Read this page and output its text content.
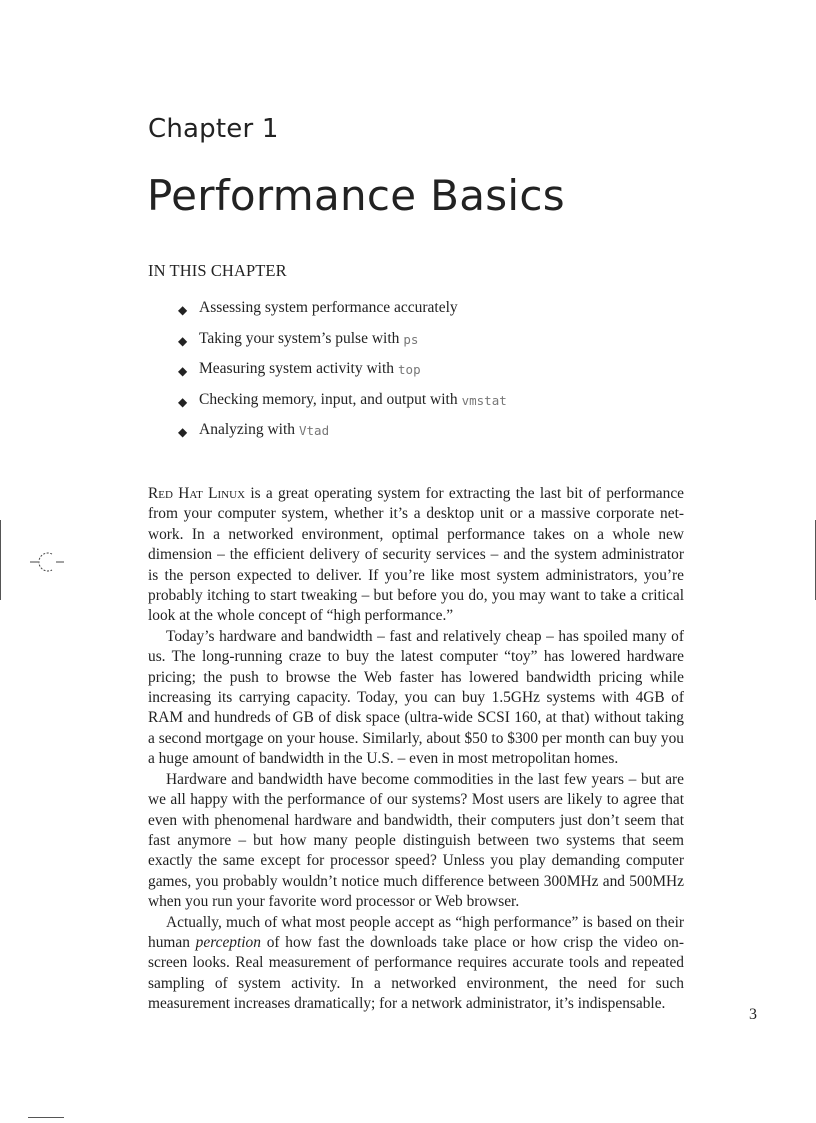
Chapter 1
Performance Basics
IN THIS CHAPTER
◆ Assessing system performance accurately
◆ Taking your system’s pulse with ps
◆ Measuring system activity with top
◆ Checking memory, input, and output with vmstat
◆ Analyzing with Vtad

Red Hat Linux is a great operating system for extracting the last bit of performance from your computer system, whether it’s a desktop unit or a massive corporate network. In a networked environment, optimal performance takes on a whole new dimension – the efficient delivery of security services – and the system administrator is the person expected to deliver. If you’re like most system administrators, you’re probably itching to start tweaking – but before you do, you may want to take a critical look at the whole concept of “high performance.”

Today’s hardware and bandwidth – fast and relatively cheap – has spoiled many of us. The long-running craze to buy the latest computer “toy” has lowered hardware pricing; the push to browse the Web faster has lowered bandwidth pricing while increasing its carrying capacity. Today, you can buy 1.5GHz systems with 4GB of RAM and hundreds of GB of disk space (ultra-wide SCSI 160, at that) without taking a second mortgage on your house. Similarly, about $50 to $300 per month can buy you a huge amount of bandwidth in the U.S. – even in most metropolitan homes.

Hardware and bandwidth have become commodities in the last few years – but are we all happy with the performance of our systems? Most users are likely to agree that even with phenomenal hardware and bandwidth, their computers just don’t seem that fast anymore – but how many people distinguish between two systems that seem exactly the same except for processor speed? Unless you play demanding computer games, you probably wouldn’t notice much difference between 300MHz and 500MHz when you run your favorite word processor or Web browser.

Actually, much of what most people accept as “high performance” is based on their human perception of how fast the downloads take place or how crisp the video on-screen looks. Real measurement of performance requires accurate tools and repeated sampling of system activity. In a networked environment, the need for such measurement increases dramatically; for a network administrator, it’s indispensable.

3
